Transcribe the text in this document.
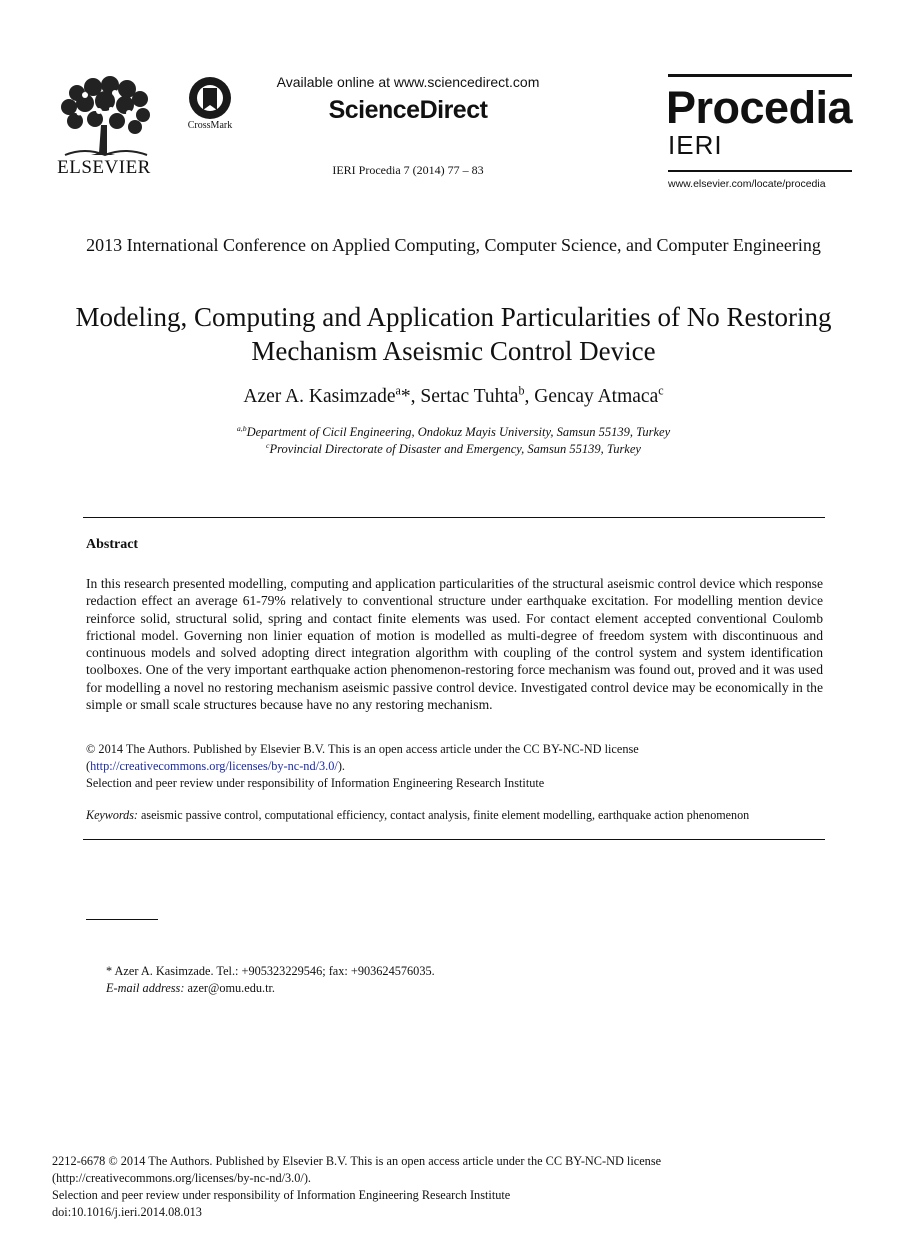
ELSEVIER
CrossMark
Available online at www.sciencedirect.com
ScienceDirect
IERI Procedia 7 (2014) 77 – 83
Procedia
IERI
www.elsevier.com/locate/procedia
2013 International Conference on Applied Computing, Computer Science, and Computer Engineering
Modeling, Computing and Application Particularities of No Restoring Mechanism Aseismic Control Device
Azer A. Kasimzade$^a$*, Sertac Tuhta$^b$, Gencay Atmaca$^c$
$^{a,b}$Department of Cicil Engineering, Ondokuz Mayis University, Samsun 55139, Turkey
$^c$Provincial Directorate of Disaster and Emergency, Samsun 55139, Turkey
Abstract
In this research presented modelling, computing and application particularities of the structural aseismic control device which response redaction effect an average 61-79% relatively to conventional structure under earthquake excitation. For modelling mention device reinforce solid, structural solid, spring and contact finite elements was used. For contact element accepted conventional Coulomb frictional model. Governing non linier equation of motion is modelled as multi-degree of freedom system with discontinuous and continuous models and solved adopting direct integration algorithm with coupling of the control system and system identification toolboxes. One of the very important earthquake action phenomenon-restoring force mechanism was found out, proved and it was used for modelling a novel no restoring mechanism aseismic passive control device. Investigated control device may be economically in the simple or small scale structures because have no any restoring mechanism.
© 2014 The Authors. Published by Elsevier B.V. This is an open access article under the CC BY-NC-ND license
(http://creativecommons.org/licenses/by-nc-nd/3.0/).
Selection and peer review under responsibility of Information Engineering Research Institute
Keywords: aseismic passive control, computational efficiency, contact analysis, finite element modelling, earthquake action phenomenon
* Azer A. Kasimzade. Tel.: +905323229546; fax: +903624576035.
E-mail address: azer@omu.edu.tr.
2212-6678 © 2014 The Authors. Published by Elsevier B.V. This is an open access article under the CC BY-NC-ND license
(http://creativecommons.org/licenses/by-nc-nd/3.0/).
Selection and peer review under responsibility of Information Engineering Research Institute
doi:10.1016/j.ieri.2014.08.013
